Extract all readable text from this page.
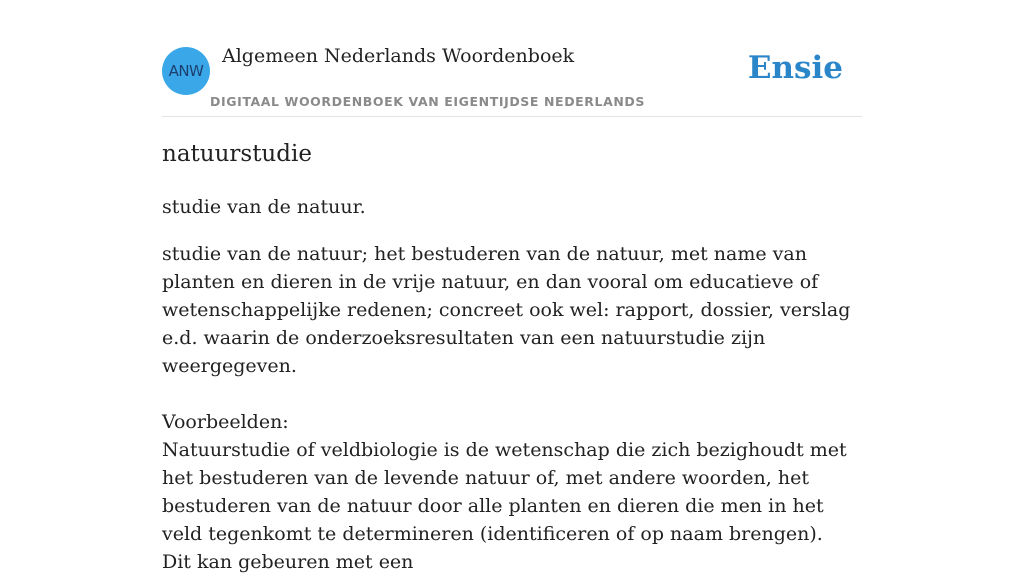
ANW
Algemeen Nederlands Woordenboek
DIGITAAL WOORDENBOEK VAN EIGENTIJDSE NEDERLANDS
Ensie
natuurstudie
studie van de natuur.
studie van de natuur; het bestuderen van de natuur, met name van planten en dieren in de vrije natuur, en dan vooral om educatieve of wetenschappelijke redenen; concreet ook wel: rapport, dossier, verslag e.d. waarin de onderzoeksresultaten van een natuurstudie zijn weergegeven.
Voorbeelden:
Natuurstudie of veldbiologie is de wetenschap die zich bezighoudt met het bestuderen van de levende natuur of, met andere woorden, het bestuderen van de natuur door alle planten en dieren die men in het veld tegenkomt te determineren (identificeren of op naam brengen). Dit kan gebeuren met een
